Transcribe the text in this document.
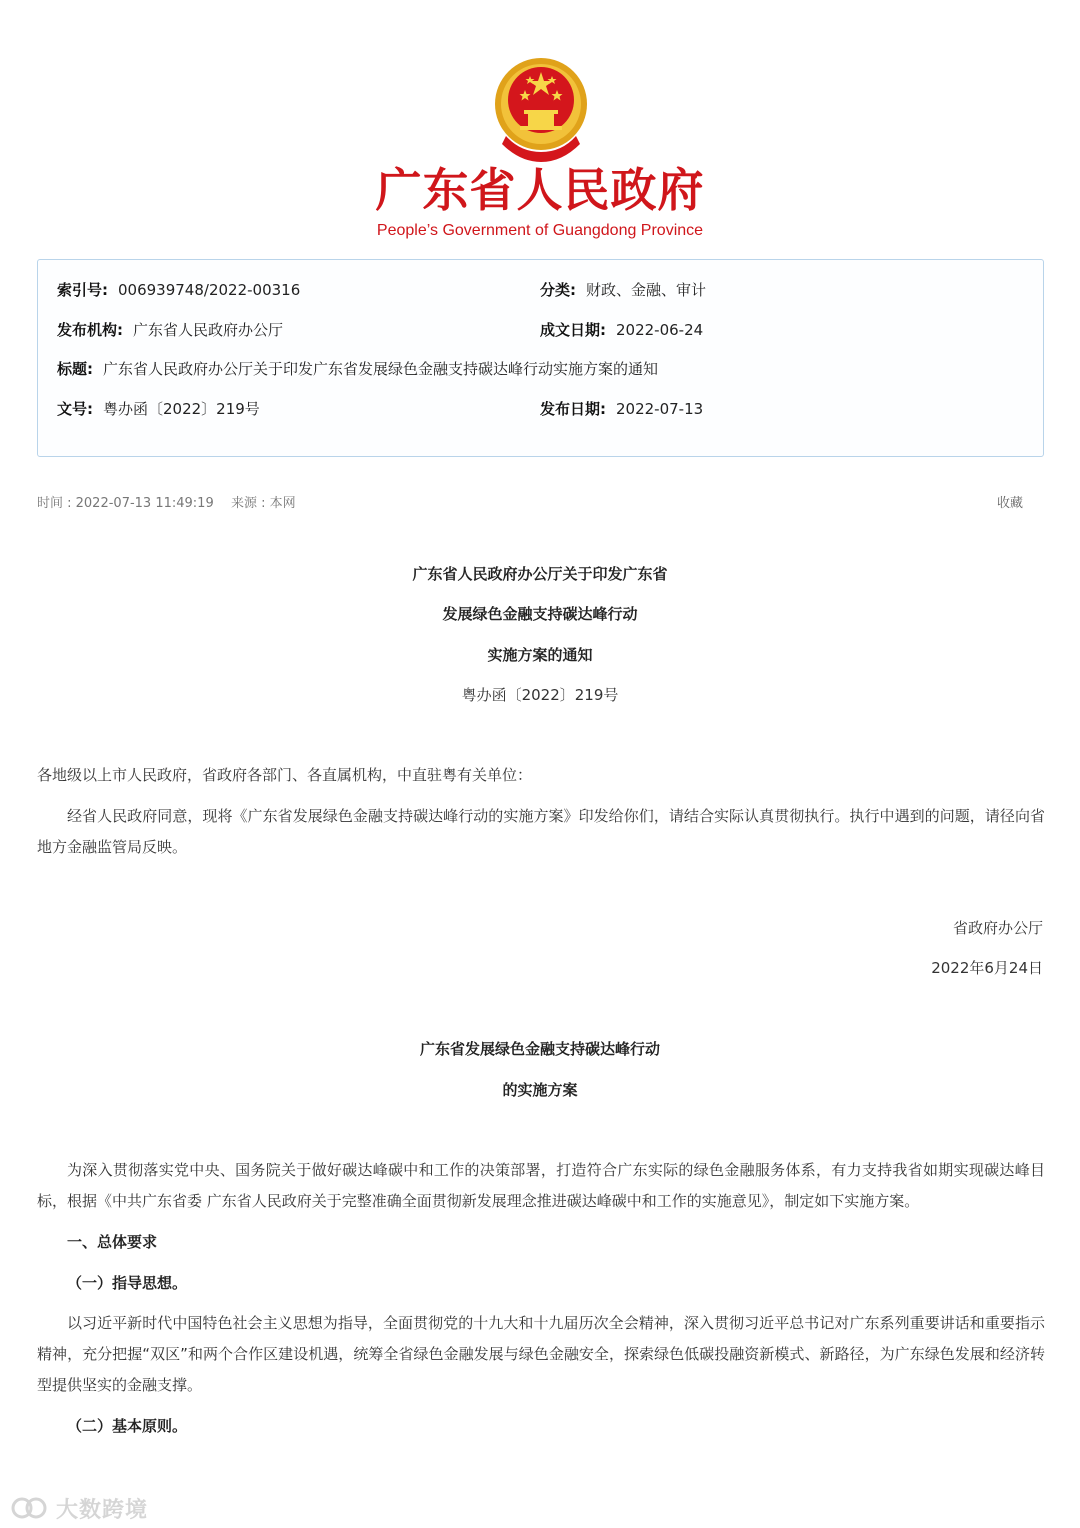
广东省人民政府
People’s Government of Guangdong Province
索引号: 006939748/2022-00316	分类: 财政、金融、审计
发布机构: 广东省人民政府办公厅	成文日期: 2022-06-24
标题: 广东省人民政府办公厅关于印发广东省发展绿色金融支持碳达峰行动实施方案的通知
文号: 粤办函〔2022〕219号	发布日期: 2022-07-13
时间 : 2022-07-13 11:49:19 来源 : 本网	收藏
广东省人民政府办公厅关于印发广东省
发展绿色金融支持碳达峰行动
实施方案的通知
粤办函〔2022〕219号
各地级以上市人民政府，省政府各部门、各直属机构，中直驻粤有关单位：
经省人民政府同意，现将《广东省发展绿色金融支持碳达峰行动的实施方案》印发给你们，请结合实际认真贯彻执行。执行中遇到的问题，请径向省地方金融监管局反映。
省政府办公厅
2022年6月24日
广东省发展绿色金融支持碳达峰行动
的实施方案
为深入贯彻落实党中央、国务院关于做好碳达峰碳中和工作的决策部署，打造符合广东实际的绿色金融服务体系，有力支持我省如期实现碳达峰目标，根据《中共广东省委 广东省人民政府关于完整准确全面贯彻新发展理念推进碳达峰碳中和工作的实施意见》，制定如下实施方案。
一、总体要求
（一）指导思想。
以习近平新时代中国特色社会主义思想为指导，全面贯彻党的十九大和十九届历次全会精神，深入贯彻习近平总书记对广东系列重要讲话和重要指示精神，充分把握“双区”和两个合作区建设机遇，统筹全省绿色金融发展与绿色金融安全，探索绿色低碳投融资新模式、新路径，为广东绿色发展和经济转型提供坚实的金融支撑。
（二）基本原则。
大数跨境
